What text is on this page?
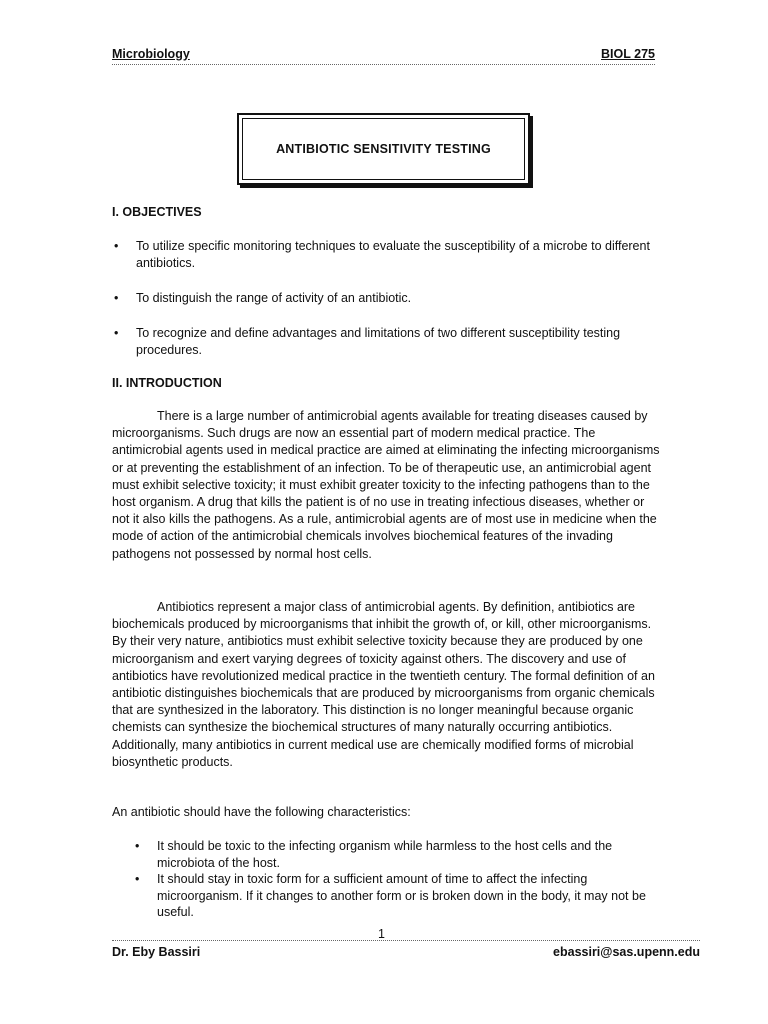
Microbiology	BIOL 275
ANTIBIOTIC SENSITIVITY TESTING
I. OBJECTIVES
• To utilize specific monitoring techniques to evaluate the susceptibility of a microbe to different antibiotics.
• To distinguish the range of activity of an antibiotic.
• To recognize and define advantages and limitations of two different susceptibility testing procedures.
II. INTRODUCTION

There is a large number of antimicrobial agents available for treating diseases caused by microorganisms. Such drugs are now an essential part of modern medical practice. The antimicrobial agents used in medical practice are aimed at eliminating the infecting microorganisms or at preventing the establishment of an infection. To be of therapeutic use, an antimicrobial agent must exhibit selective toxicity; it must exhibit greater toxicity to the infecting pathogens than to the host organism. A drug that kills the patient is of no use in treating infectious diseases, whether or not it also kills the pathogens. As a rule, antimicrobial agents are of most use in medicine when the mode of action of the antimicrobial chemicals involves biochemical features of the invading pathogens not possessed by normal host cells.

Antibiotics represent a major class of antimicrobial agents. By definition, antibiotics are biochemicals produced by microorganisms that inhibit the growth of, or kill, other microorganisms. By their very nature, antibiotics must exhibit selective toxicity because they are produced by one microorganism and exert varying degrees of toxicity against others. The discovery and use of antibiotics have revolutionized medical practice in the twentieth century. The formal definition of an antibiotic distinguishes biochemicals that are produced by microorganisms from organic chemicals that are synthesized in the laboratory. This distinction is no longer meaningful because organic chemists can synthesize the biochemical structures of many naturally occurring antibiotics. Additionally, many antibiotics in current medical use are chemically modified forms of microbial biosynthetic products.

An antibiotic should have the following characteristics:

• It should be toxic to the infecting organism while harmless to the host cells and the microbiota of the host.
• It should stay in toxic form for a sufficient amount of time to affect the infecting microorganism. If it changes to another form or is broken down in the body, it may not be useful.
1
Dr. Eby Bassiri	ebassiri@sas.upenn.edu
